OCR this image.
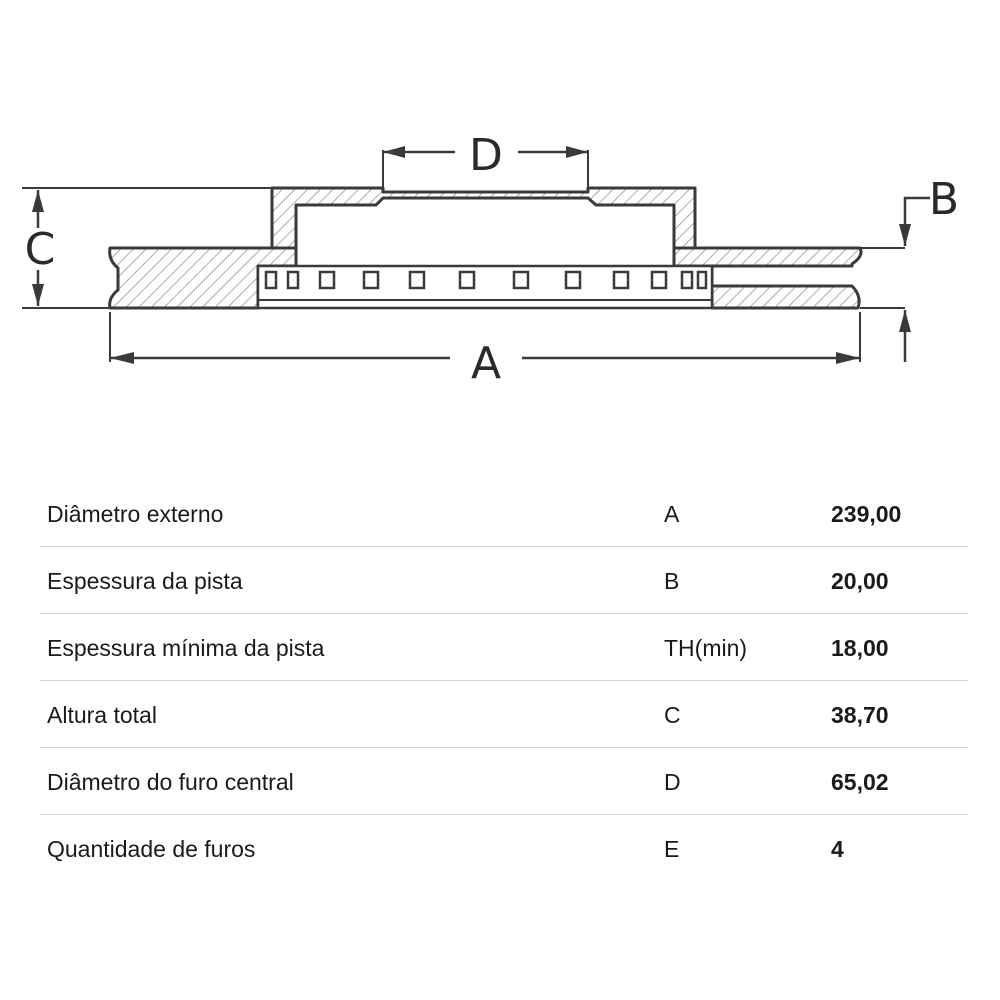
D
C
A
B
Diâmetro externo	A	239,00
Espessura da pista	B	20,00
Espessura mínima da pista	TH(min)	18,00
Altura total	C	38,70
Diâmetro do furo central	D	65,02
Quantidade de furos	E	4
